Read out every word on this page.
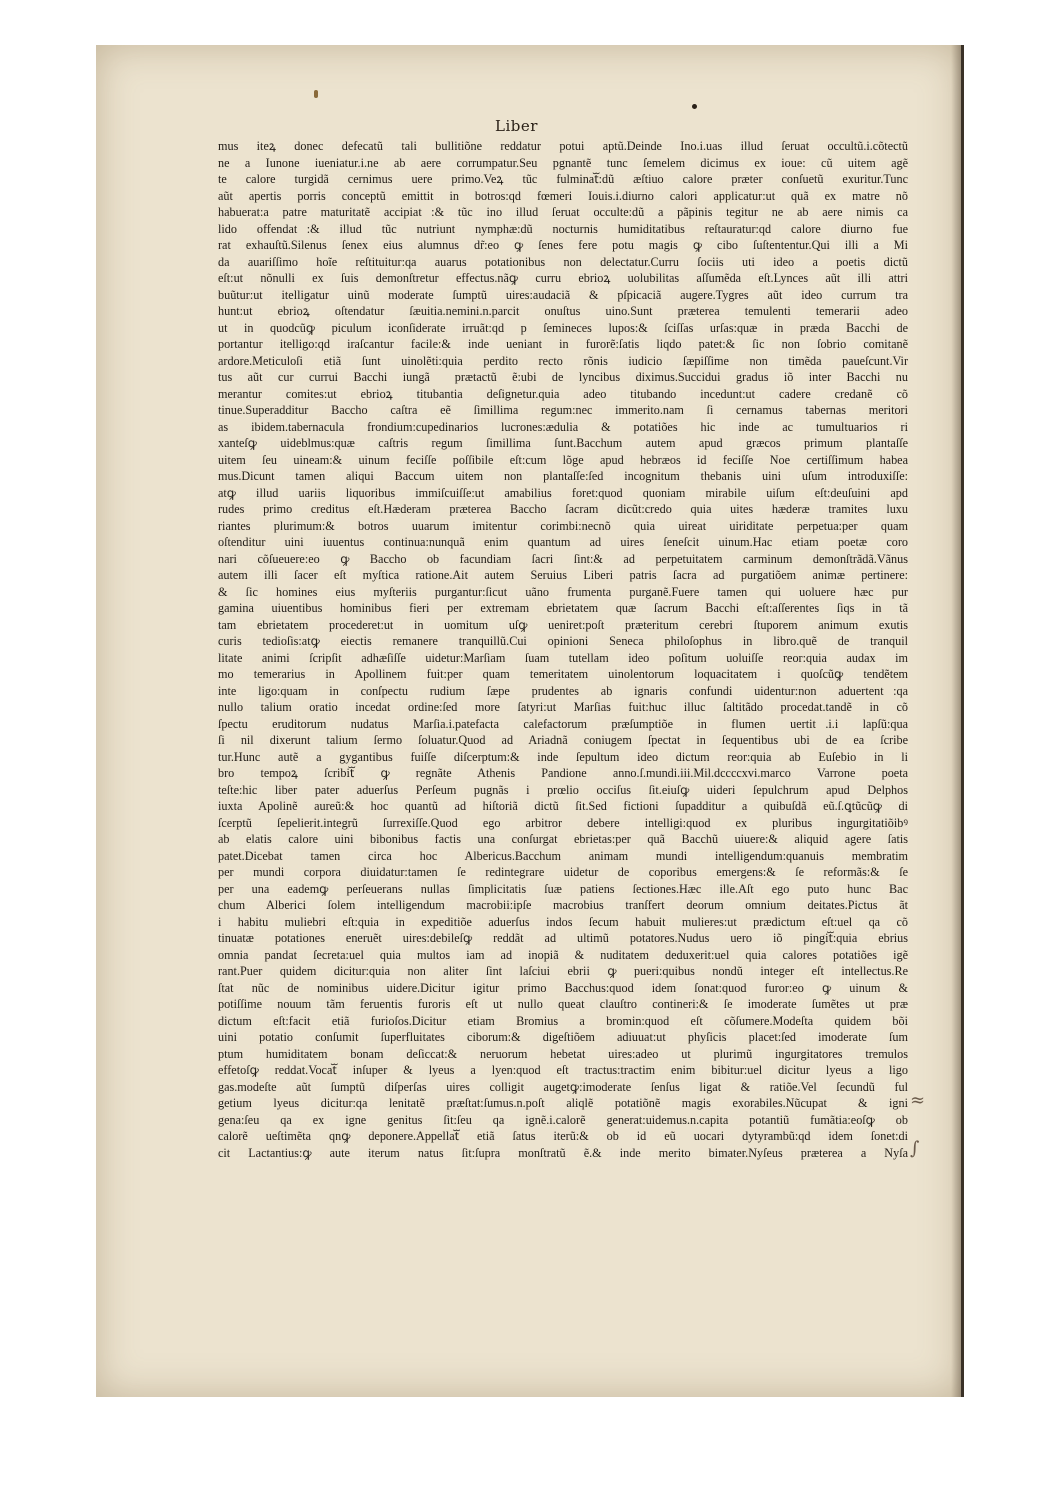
Liber
mus iteꝝ donec defecatũ tali bullitiõne reddatur potui aptũ.Deinde Ino.i.uas illud ſeruat occultũ.i.cõtectũ
ne a Iunone iueniatur.i.ne ab aere corrumpatur.Seu pgnantẽ tunc ſemelem dicimus ex ioue: cũ uitem agẽ
te calore turgidã cernimus uere primo.Veꝝ tũc fulminatᷓ:dũ æſtiuo calore præter conſuetũ exuritur.Tunc
aũt apertis porris conceptũ emittit in botros:qd fœmeri Iouis.i.diurno calori applicatur:ut quã ex matre nõ
habuerat:a patre maturitatẽ accipiatᷓ:& tũc ino illud ſeruat occulte:dũ a pãpinis tegitur ne ab aere nimis ca
lido offendatᷓ:& illud tũc nutriunt nymphæ:dũ nocturnis humiditatibus reſtauratur:qd calore diurno fue
rat exhauſtũ.Silenus ſenex eius alumnus dr̃:eo ꝙ ſenes fere potu magis ꝙ cibo ſuſtententur.Qui illi a Mi
da auariſſimo hoĩe reſtituitur:qa auarus potationibus non delectatur.Curru ſociis uti ideo a poetis dictũ
eſt:ut nõnulli ex ſuis demonſtretur effectus.nãꝙ curru ebrioꝝ uolubilitas aſſumẽda eſt.Lynces aũt illi attri
buũtur:ut itelligatur uinũ moderate ſumptũ uires:audaciã & pſpicaciã augere.Tygres aũt ideo currum tra
hunt:ut ebrioꝝ oſtendatur ſæuitia.nemini.n.parcit onuſtus uino.Sunt præterea temulenti temerarii adeo
ut in quodcũꝙ piculum iconſiderate irruãt:qd p ſemineces lupos:& ſciſſas urſas:quæ in præda Bacchi de
portantur itelligo:qd iraſcantur facile:& inde ueniant in furorẽ:ſatis liqdo patet:& ſic non ſobrio comitanẽ
ardore.Meticuloſi etiã ſunt uinolẽti:quia perdito recto rõnis iudicio ſæpiſſime non timẽda pauеſcunt.Vir
tus aũt cur currui Bacchi iungãᷓ prætactũ ẽ:ubi de lyncibus diximus.Succidui gradus iõ inter Bacchi nu
merantur comites:ut ebrioꝝ titubantia deſignetur.quia adeo titubando incedunt:ut cadere credanẽ cõ
tinue.Superadditur Baccho caſtra eẽ ſimillima regum:nec immerito.nam ſi cernamus tabernas meritori
as ibidem.tabernacula frondium:cupedinarios lucrones:ædulia & potatiões hic inde ac tumultuarios ri
xanteſꝙ uideblmus:quæ caſtris regum ſimillima ſunt.Bacchum autem apud græcos primum plantaſſe
uitem ſeu uineam:& uinum feciſſe poſſibile eſt:cum lõge apud hebræos id feciſſe Noe certiſſimum habea
mus.Dicunt tamen aliqui Baccum uitem non plantaſſe:ſed incognitum thebanis uini uſum introduxiſſe:
atꝙ illud uariis liquoribus immiſcuiſſe:ut amabilius foret:quod quoniam mirabile uiſum eſt:deuſuini apd
rudes primo creditus eſt.Hæderam præterea Baccho ſacram dicũt:credo quia uites hæderæ tramites luxu
riantes plurimum:& botros uuarum imitentur corimbi:necnõ quia uireat uiriditate perpetua:per quam
oſtenditur uini iuuentus continua:nunquã enim quantum ad uires ſeneſcit uinum.Hac etiam poetæ coro
nari cõſueuere:eo ꝙ Baccho ob facundiam ſacri ſint:& ad perpetuitatem carminum demonſtrãdã.Vãnus
autem illi ſacer eſt myſtica ratione.Ait autem Seruius Liberi patris ſacra ad purgatiõem animæ pertinere:
& ſic homines eius myſteriis purgantur:ſicut uãno frumenta purganẽ.Fuere tamen qui uoluere hæc pur
gamina uiuentibus hominibus fieri per extremam ebrietatem quæ ſacrum Bacchi eſt:aſſerentes ſiqs in tã
tam ebrietatem procederet:ut in uomitum uſꝙ ueniret:poſt præteritum cerebri ſtuporem animum exutis
curis tedioſis:atꝙ eiectis remanere tranquillũ.Cui opinioni Seneca philoſophus in libro.quẽ de tranquil
litate animi ſcripſit adhæſiſſe uidetur:Marſiam ſuam tutellam ideo poſitum uoluiſſe reor:quia audax im
mo temerarius in Apollinem fuit:per quam temeritatem uinolentorum loquacitatem i quoſcũꝙ tendẽtem
inte ligo:quam in conſpectu rudium ſæpe prudentes ab ignaris confundi uidentur:non aduertentᷓ:qa
nullo talium oratio incedat ordine:ſed more ſatyri:ut Marſias fuit:huc illuc ſaltitãdo procedat.tandẽ in cõ
ſpectu eruditorum nudatus Marſia.i.patefacta calefactorum præſumptiõe in flumen uertitᷓ.i.i lapſũ:qua
ſi nil dixerunt talium ſermo ſoluatur.Quod ad Ariadnã coniugem ſpectat in ſequentibus ubi de ea ſcribe
tur.Hunc autẽ a gygantibus fuiſſe diſcerptum:& inde ſepultum ideo dictum reor:quia ab Euſebio in li
bro tempoꝝ ſcribitᷓ ꝙ regnãte Athenis Pandione anno.ſ.mundi.iii.Mil.dccccxvi.marco Varrone poeta
teſte:hic liber pater aduerſus Perſeum pugnãs i prœlio occiſus ſit.eiuſꝙ uideri ſepulchrum apud Delphos
iuxta Apolinẽ aureũ:& hoc quantũ ad hiſtoriã dictũ ſit.Sed fictioni ſupadditur a quibuſdã eũ.ſ.ꝗtũcũꝙ di
ſcerptũ ſepelierit.integrũ ſurrexiſſe.Quod ego arbitror debere intelligi:quod ex pluribus ingurgitatiõibꝰ
ab elatis calore uini bibonibus factis una conſurgat ebrietas:per quã Bacchũ uiuere:& aliquid agere ſatis
patet.Dicebat tamen circa hoc Albericus.Bacchum animam mundi intelligendum:quanuis membratim
per mundi corpora diuidatur:tamen ſe redintegrare uidetur de coporibus emergens:& ſe reformãs:& ſe
per una eademꝙ perſeuerans nullas ſimplicitatis ſuæ patiens ſectiones.Hæc ille.Aſt ego puto hunc Bac
chum Alberici ſolem intelligendum macrobii:ipſe macrobius tranſfert deorum omnium deitates.Pictus ãt
i habitu muliebri eſt:quia in expeditiõe aduerſus indos ſecum habuit mulieres:ut prædictum eſt:uel qa cõ
tinuatæ potationes eneruẽt uires:debileſꝙ reddãt ad ultimũ potatores.Nudus uero iõ pingitᷓ:quia ebrius
omnia pandat ſecreta:uel quia multos iam ad inopiã & nuditatem deduxerit:uel quia calores potatiões igẽ
rant.Puer quidem dicitur:quia non aliter ſint laſciui ebrii ꝙ pueri:quibus nondũ integer eſt intellectus.Re
ſtat nũc de nominibus uidere.Dicitur igitur primo Bacchus:quod idem ſonat:quod furor:eo ꝙ uinum &
potiſſime nouum tãm feruentis furoris eſt ut nullo queat clauſtro contineri:& ſe imoderate ſumẽtes ut præ
dictum eſt:facit etiã furioſos.Dicitur etiam Bromius a bromin:quod eſt cõſumere.Modeſta quidem bõi
uini potatio conſumit ſuperfluitates ciborum:& digeſtiõem adiuuat:ut phyſicis placet:ſed imoderate ſum
ptum humiditatem bonam deſiccat:& neruorum hebetat uires:adeo ut plurimũ ingurgitatores tremulos
effetoſꝙ reddat.Vocatᷓ inſuper & lyeus a lyen:quod eſt tractus:tractim enim bibitur:uel dicitur lyeus a ligo
gas.modeſte aũt ſumptũ diſperſas uires colligit augetꝙ:imoderate ſenſus ligat & ratiõe.Vel ſecundũ ful
getium lyeus dicitur:qa lenitatẽ præſtat:ſumus.n.poſt aliqlẽ potatiõnẽ magis exorabiles.Nũcupatᷓ & igni
gena:ſeu qa ex igne genitus ſit:ſeu qa ignẽ.i.calorẽ generat:uidemus.n.capita potantiũ fumãtia:eoſꝙ ob
calorẽ ueſtimẽta qnꝙ deponere.Appellatᷓ etiã ſatus iterũ:& ob id eũ uocari dytyrambũ:qd idem ſonet:di
cit Lactantius:ꝙ aute iterum natus ſit:ſupra monſtratũ ẽ.& inde merito bimater.Nyſeus præterea a Nyſa
≈
∫
